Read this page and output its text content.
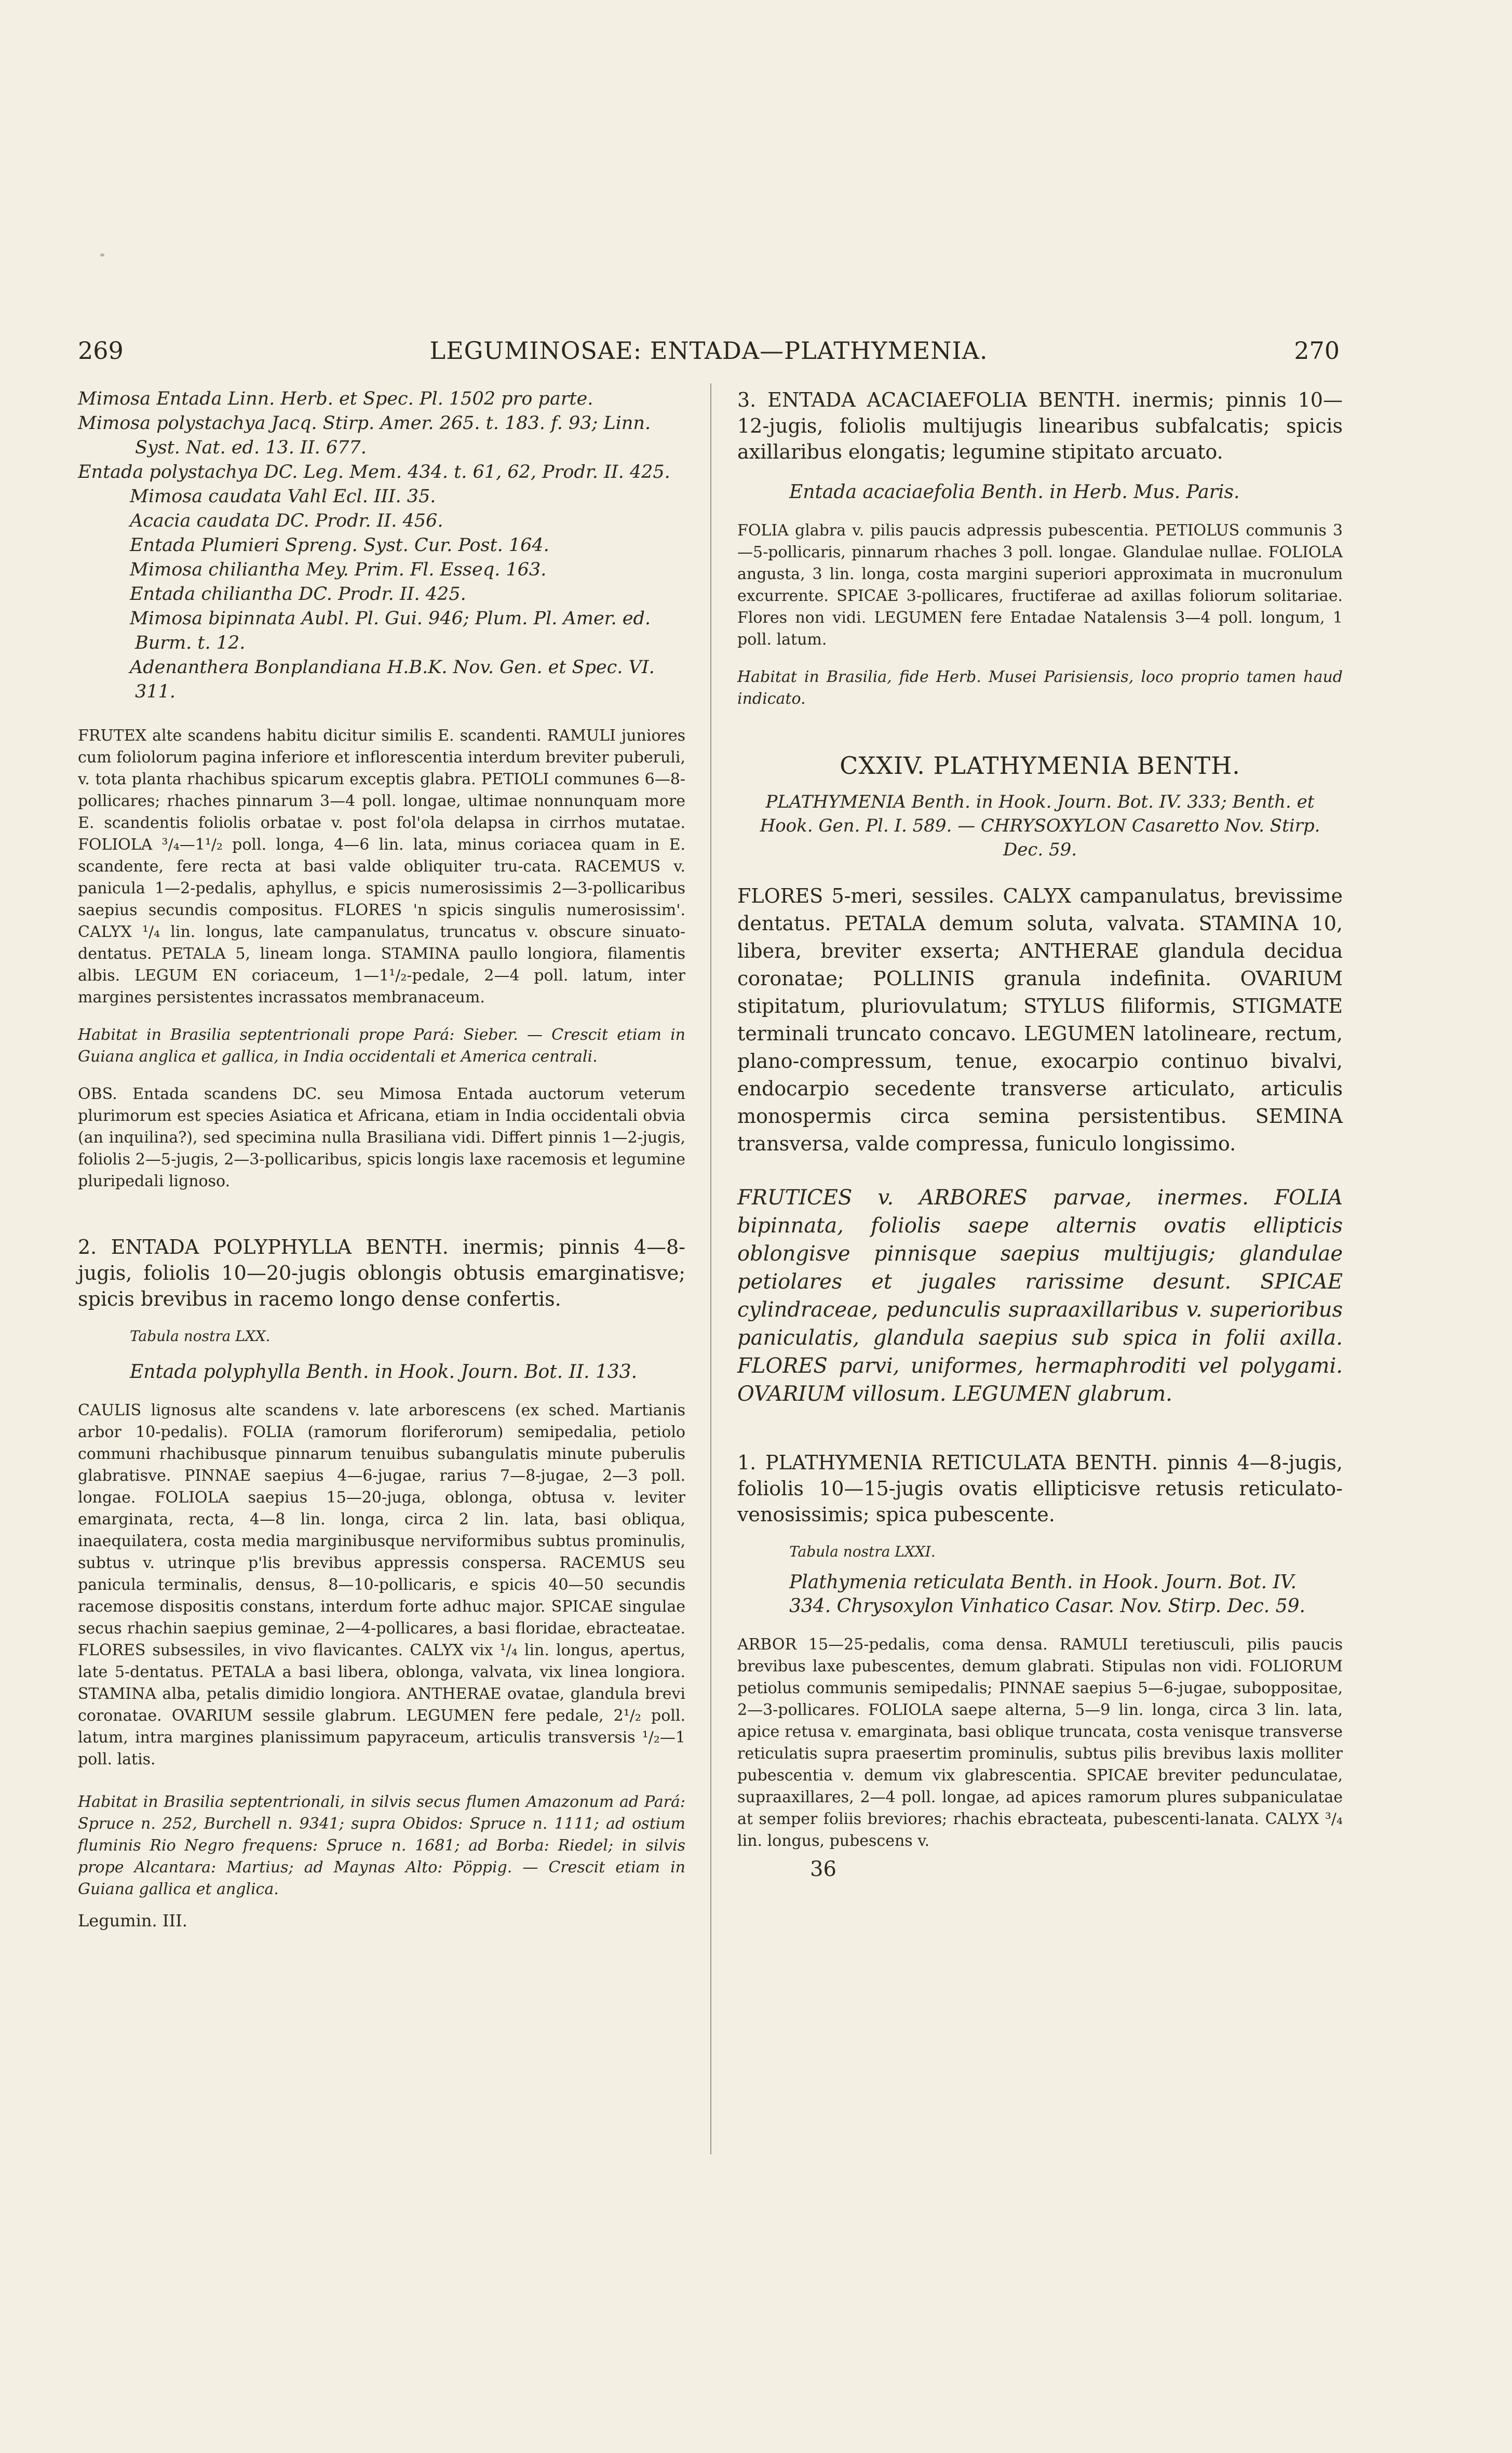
269	LEGUMINOSAE: ENTADA—PLATHYMENIA.	270

Mimosa Entada Linn. Herb. et Spec. Pl. 1502 pro parte.

Mimosa polystachya Jacq. Stirp. Amer. 265. t. 183. f. 93; Linn. Syst. Nat. ed. 13. II. 677.

Entada polystachya DC. Leg. Mem. 434. t. 61, 62, Prodr. II. 425.

Mimosa caudata Vahl Ecl. III. 35.

Acacia caudata DC. Prodr. II. 456.

Entada Plumieri Spreng. Syst. Cur. Post. 164.

Mimosa chiliantha Mey. Prim. Fl. Esseq. 163.

Entada chiliantha DC. Prodr. II. 425.

Mimosa bipinnata Aubl. Pl. Gui. 946; Plum. Pl. Amer. ed. Burm. t. 12.

Adenanthera Bonplandiana H.B.K. Nov. Gen. et Spec. VI. 311.

FRUTEX alte scandens habitu dicitur similis E. scandenti. RAMULI juniores cum foliolorum pagina inferiore et inflorescentia interdum breviter puberuli, v. tota planta rhachibus spicarum exceptis glabra. PETIOLI communes 6—8-pollicares; rhaches pinnarum 3—4 poll. longae, ultimae nonnunquam more E. scandentis foliolis orbatae v. post fol'ola delapsa in cirrhos mutatae. FOLIOLA ³/₄—1¹/₂ poll. longa, 4—6 lin. lata, minus coriacea quam in E. scandente, fere recta at basi valde obliquiter tru-cata. RACEMUS v. panicula 1—2-pedalis, aphyllus, e spicis numerosissimis 2—3-pollicaribus saepius secundis compositus. FLORES 'n spicis singulis numerosissim'. CALYX ¹/₄ lin. longus, late campanulatus, truncatus v. obscure sinuato-dentatus. PETALA 5, lineam longa. STAMINA paullo longiora, filamentis albis. LEGUM EN coriaceum, 1—1¹/₂-pedale, 2—4 poll. latum, inter margines persistentes incrassatos membranaceum.

Habitat in Brasilia septentrionali prope Pará: Sieber. — Crescit etiam in Guiana anglica et gallica, in India occidentali et America centrali.

OBS. Entada scandens DC. seu Mimosa Entada auctorum veterum plurimorum est species Asiatica et Africana, etiam in India occidentali obvia (an inquilina?), sed specimina nulla Brasiliana vidi. Differt pinnis 1—2-jugis, foliolis 2—5-jugis, 2—3-pollicaribus, spicis longis laxe racemosis et legumine pluripedali lignoso.

2. ENTADA POLYPHYLLA BENTH. inermis; pinnis 4—8-jugis, foliolis 10—20-jugis oblongis obtusis emarginatisve; spicis brevibus in racemo longo dense confertis.

Tabula nostra LXX.

Entada polyphylla Benth. in Hook. Journ. Bot. II. 133.

CAULIS lignosus alte scandens v. late arborescens (ex sched. Martianis arbor 10-pedalis). FOLIA (ramorum floriferorum) semipedalia, petiolo communi rhachibusque pinnarum tenuibus subangulatis minute puberulis glabratisve. PINNAE saepius 4—6-jugae, rarius 7—8-jugae, 2—3 poll. longae. FOLIOLA saepius 15—20-juga, oblonga, obtusa v. leviter emarginata, recta, 4—8 lin. longa, circa 2 lin. lata, basi obliqua, inaequilatera, costa media marginibusque nerviformibus subtus prominulis, subtus v. utrinque p'lis brevibus appressis conspersa. RACEMUS seu panicula terminalis, densus, 8—10-pollicaris, e spicis 40—50 secundis racemose dispositis constans, interdum forte adhuc major. SPICAE singulae secus rhachin saepius geminae, 2—4-pollicares, a basi floridae, ebracteatae. FLORES subsessiles, in vivo flavicantes. CALYX vix ¹/₄ lin. longus, apertus, late 5-dentatus. PETALA a basi libera, oblonga, valvata, vix linea longiora. STAMINA alba, petalis dimidio longiora. ANTHERAE ovatae, glandula brevi coronatae. OVARIUM sessile glabrum. LEGUMEN fere pedale, 2¹/₂ poll. latum, intra margines planissimum papyraceum, articulis transversis ¹/₂—1 poll. latis.

Habitat in Brasilia septentrionali, in silvis secus flumen Amazonum ad Pará: Spruce n. 252, Burchell n. 9341; supra Obidos: Spruce n. 1111; ad ostium fluminis Rio Negro frequens: Spruce n. 1681; ad Borba: Riedel; in silvis prope Alcantara: Martius; ad Maynas Alto: Pöppig. — Crescit etiam in Guiana gallica et anglica.

Legumin. III.

3. ENTADA ACACIAEFOLIA BENTH. inermis; pinnis 10—12-jugis, foliolis multijugis linearibus subfalcatis; spicis axillaribus elongatis; legumine stipitato arcuato.

Entada acaciaefolia Benth. in Herb. Mus. Paris.

FOLIA glabra v. pilis paucis adpressis pubescentia. PETIOLUS communis 3—5-pollicaris, pinnarum rhaches 3 poll. longae. Glandulae nullae. FOLIOLA angusta, 3 lin. longa, costa margini superiori approximata in mucronulum excurrente. SPICAE 3-pollicares, fructiferae ad axillas foliorum solitariae. Flores non vidi. LEGUMEN fere Entadae Natalensis 3—4 poll. longum, 1 poll. latum.

Habitat in Brasilia, fide Herb. Musei Parisiensis, loco proprio tamen haud indicato.

CXXIV. PLATHYMENIA BENTH.

PLATHYMENIA Benth. in Hook. Journ. Bot. IV. 333; Benth. et Hook. Gen. Pl. I. 589. — CHRYSOXYLON Casaretto Nov. Stirp. Dec. 59.

FLORES 5-meri, sessiles. CALYX campanulatus, brevissime dentatus. PETALA demum soluta, valvata. STAMINA 10, libera, breviter exserta; ANTHERAE glandula decidua coronatae; POLLINIS granula indefinita. OVARIUM stipitatum, pluriovulatum; STYLUS filiformis, STIGMATE terminali truncato concavo. LEGUMEN latolineare, rectum, plano-compressum, tenue, exocarpio continuo bivalvi, endocarpio secedente transverse articulato, articulis monospermis circa semina persistentibus. SEMINA transversa, valde compressa, funiculo longissimo.

FRUTICES v. ARBORES parvae, inermes. FOLIA bipinnata, foliolis saepe alternis ovatis ellipticis oblongisve pinnisque saepius multijugis; glandulae petiolares et jugales rarissime desunt. SPICAE cylindraceae, pedunculis supraaxillaribus v. superioribus paniculatis, glandula saepius sub spica in folii axilla. FLORES parvi, uniformes, hermaphroditi vel polygami. OVARIUM villosum. LEGUMEN glabrum.

1. PLATHYMENIA RETICULATA BENTH. pinnis 4—8-jugis, foliolis 10—15-jugis ovatis ellipticisve retusis reticulato-venosissimis; spica pubescente.

Tabula nostra LXXI.

Plathymenia reticulata Benth. in Hook. Journ. Bot. IV. 334. Chrysoxylon Vinhatico Casar. Nov. Stirp. Dec. 59.

ARBOR 15—25-pedalis, coma densa. RAMULI teretiusculi, pilis paucis brevibus laxe pubescentes, demum glabrati. Stipulas non vidi. FOLIORUM petiolus communis semipedalis; PINNAE saepius 5—6-jugae, suboppositae, 2—3-pollicares. FOLIOLA saepe alterna, 5—9 lin. longa, circa 3 lin. lata, apice retusa v. emarginata, basi oblique truncata, costa venisque transverse reticulatis supra praesertim prominulis, subtus pilis brevibus laxis molliter pubescentia v. demum vix glabrescentia. SPICAE breviter pedunculatae, supraaxillares, 2—4 poll. longae, ad apices ramorum plures subpaniculatae at semper foliis breviores; rhachis ebracteata, pubescenti-lanata. CALYX ³/₄ lin. longus, pubescens v.

36
